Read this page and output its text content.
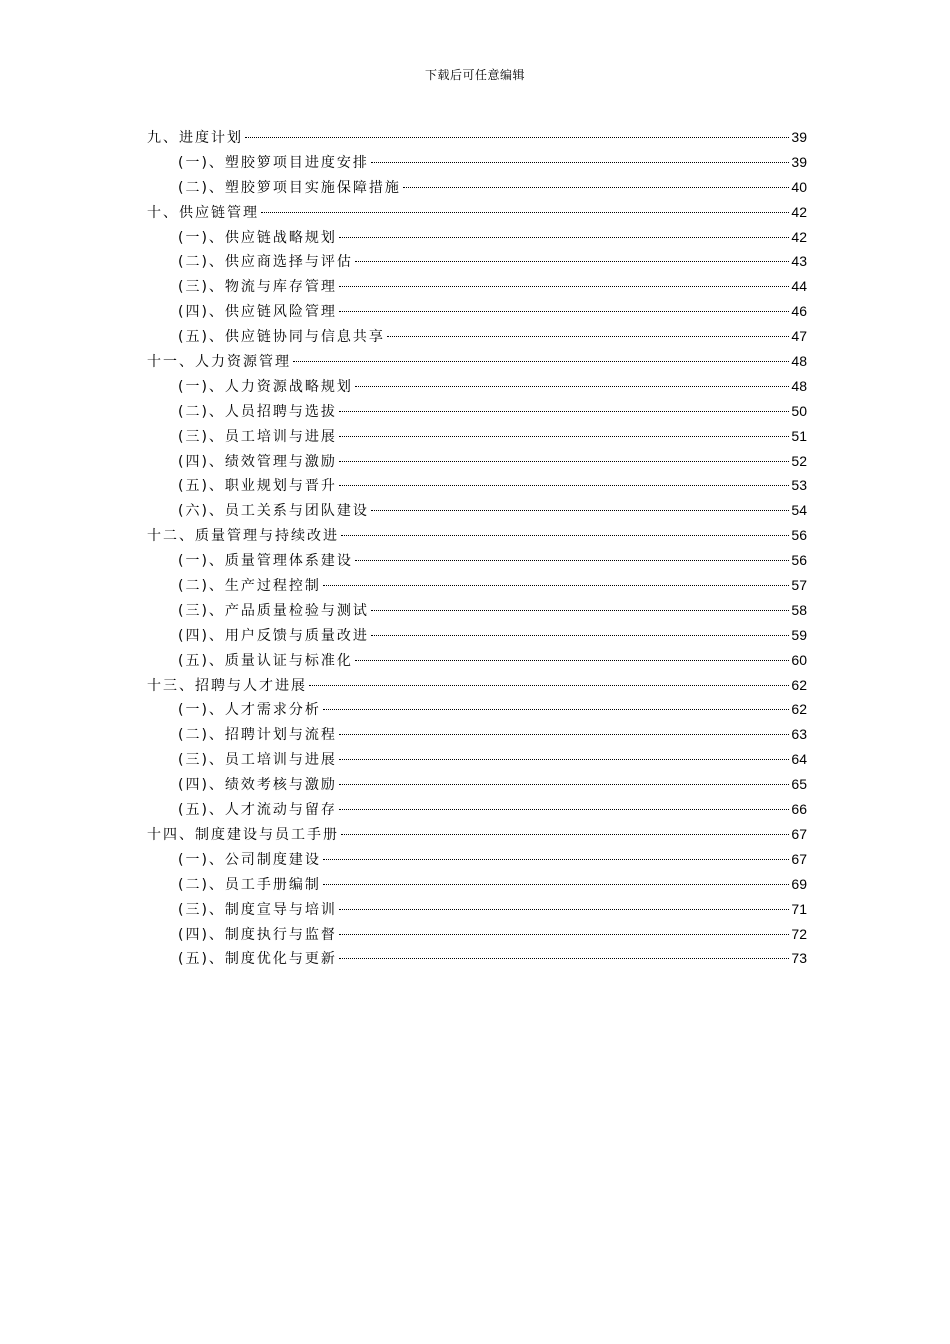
下载后可任意编辑
九、进度计划	39
(一)、塑胶箩项目进度安排	39
(二)、塑胶箩项目实施保障措施	40
十、供应链管理	42
(一)、供应链战略规划	42
(二)、供应商选择与评估	43
(三)、物流与库存管理	44
(四)、供应链风险管理	46
(五)、供应链协同与信息共享	47
十一、人力资源管理	48
(一)、人力资源战略规划	48
(二)、人员招聘与选拔	50
(三)、员工培训与进展	51
(四)、绩效管理与激励	52
(五)、职业规划与晋升	53
(六)、员工关系与团队建设	54
十二、质量管理与持续改进	56
(一)、质量管理体系建设	56
(二)、生产过程控制	57
(三)、产品质量检验与测试	58
(四)、用户反馈与质量改进	59
(五)、质量认证与标准化	60
十三、招聘与人才进展	62
(一)、人才需求分析	62
(二)、招聘计划与流程	63
(三)、员工培训与进展	64
(四)、绩效考核与激励	65
(五)、人才流动与留存	66
十四、制度建设与员工手册	67
(一)、公司制度建设	67
(二)、员工手册编制	69
(三)、制度宣导与培训	71
(四)、制度执行与监督	72
(五)、制度优化与更新	73
